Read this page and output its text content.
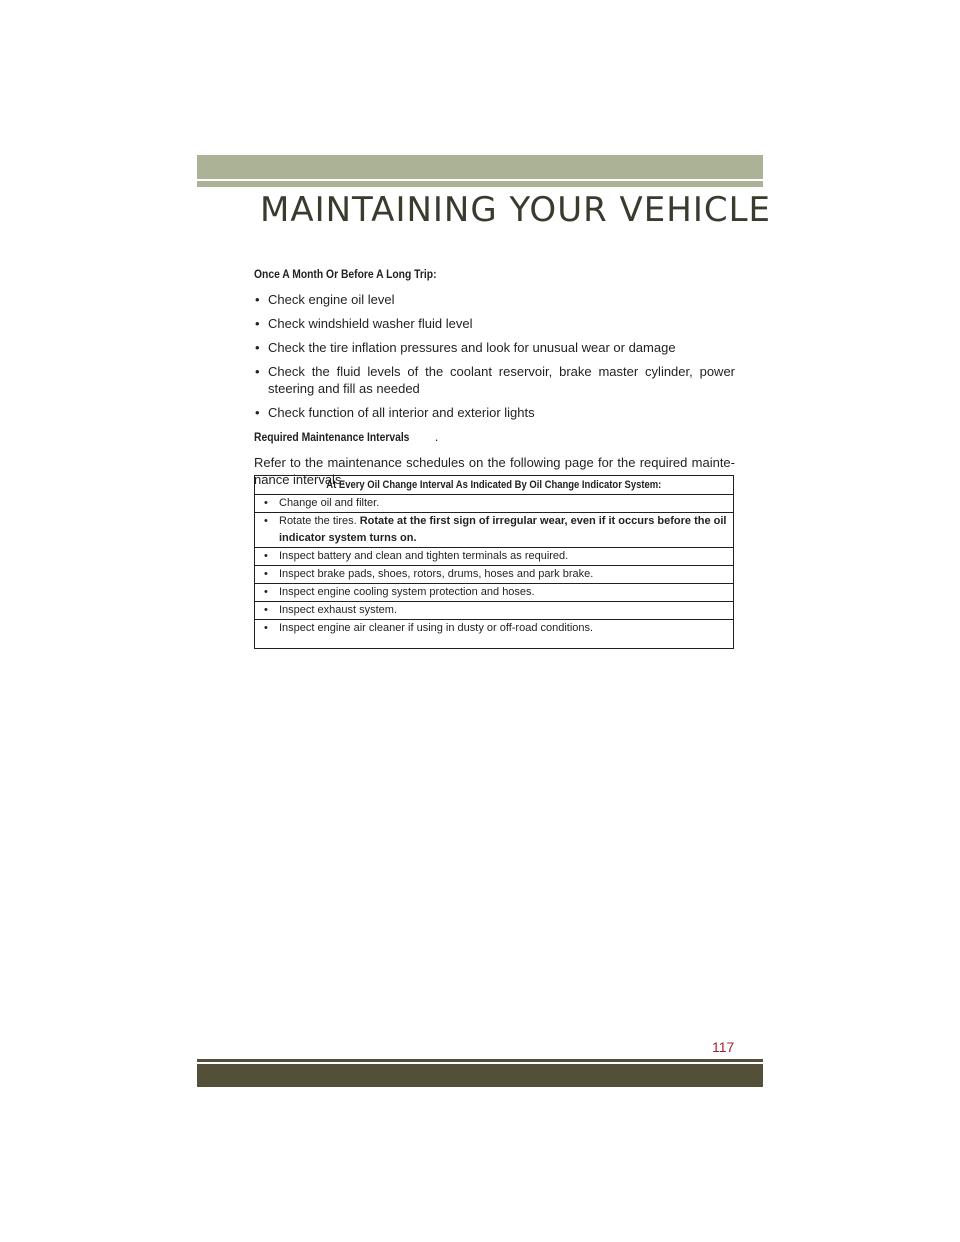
MAINTAINING YOUR VEHICLE
Once A Month Or Before A Long Trip:
• Check engine oil level
• Check windshield washer fluid level
• Check the tire inflation pressures and look for unusual wear or damage
• Check the fluid levels of the coolant reservoir, brake master cylinder, power steering and fill as needed
• Check function of all interior and exterior lights
Required Maintenance Intervals .

Refer to the maintenance schedules on the following page for the required mainte-nance intervals.

At Every Oil Change Interval As Indicated By Oil Change Indicator System:
• Change oil and filter.
• Rotate the tires. Rotate at the first sign of irregular wear, even if it occurs before the oil indicator system turns on.
• Inspect battery and clean and tighten terminals as required.
• Inspect brake pads, shoes, rotors, drums, hoses and park brake.
• Inspect engine cooling system protection and hoses.
• Inspect exhaust system.
• Inspect engine air cleaner if using in dusty or off-road conditions.
117
